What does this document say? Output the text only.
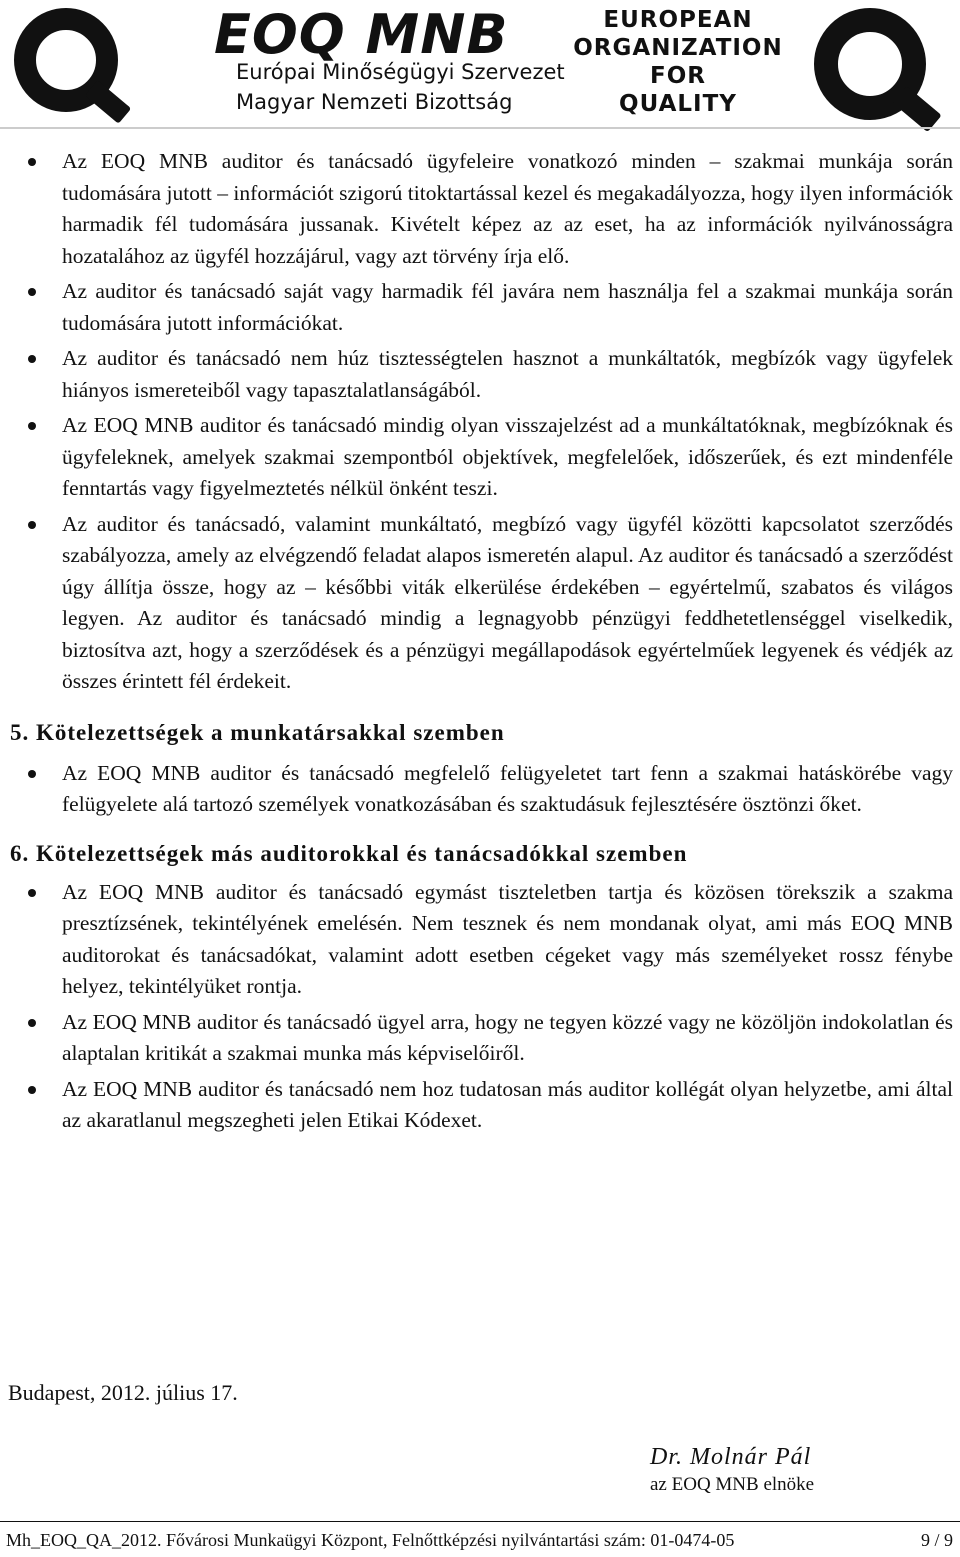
EOQ MNB
Európai Minőségügyi Szervezet
Magyar Nemzeti Bizottság
EUROPEAN
ORGANIZATION
FOR
QUALITY
Az EOQ MNB auditor és tanácsadó ügyfeleire vonatkozó minden – szakmai munkája során tudomására jutott – információt szigorú titoktartással kezel és megakadályozza, hogy ilyen információk harmadik fél tudomására jussanak. Kivételt képez az az eset, ha az információk nyilvánosságra hozatalához az ügyfél hozzájárul, vagy azt törvény írja elő.
Az auditor és tanácsadó saját vagy harmadik fél javára nem használja fel a szakmai munkája során tudomására jutott információkat.
Az auditor és tanácsadó nem húz tisztességtelen hasznot a munkáltatók, megbízók vagy ügyfelek hiányos ismereteiből vagy tapasztalatlanságából.
Az EOQ MNB auditor és tanácsadó mindig olyan visszajelzést ad a munkáltatóknak, megbízóknak és ügyfeleknek, amelyek szakmai szempontból objektívek, megfelelőek, időszerűek, és ezt mindenféle fenntartás vagy figyelmeztetés nélkül önként teszi.
Az auditor és tanácsadó, valamint munkáltató, megbízó vagy ügyfél közötti kapcsolatot szerződés szabályozza, amely az elvégzendő feladat alapos ismeretén alapul. Az auditor és tanácsadó a szerződést úgy állítja össze, hogy az – későbbi viták elkerülése érdekében – egyértelmű, szabatos és világos legyen. Az auditor és tanácsadó mindig a legnagyobb pénzügyi feddhetetlenséggel viselkedik, biztosítva azt, hogy a szerződések és a pénzügyi megállapodások egyértelműek legyenek és védjék az összes érintett fél érdekeit.
5. Kötelezettségek a munkatársakkal szemben
Az EOQ MNB auditor és tanácsadó megfelelő felügyeletet tart fenn a szakmai hatáskörébe vagy felügyelete alá tartozó személyek vonatkozásában és szaktudásuk fejlesztésére ösztönzi őket.
6. Kötelezettségek más auditorokkal és tanácsadókkal szemben
Az EOQ MNB auditor és tanácsadó egymást tiszteletben tartja és közösen törekszik a szakma presztízsének, tekintélyének emelésén. Nem tesznek és nem mondanak olyat, ami más EOQ MNB auditorokat és tanácsadókat, valamint adott esetben cégeket vagy más személyeket rossz fénybe helyez, tekintélyüket rontja.
Az EOQ MNB auditor és tanácsadó ügyel arra, hogy ne tegyen közzé vagy ne közöljön indokolatlan és alaptalan kritikát a szakmai munka más képviselőiről.
Az EOQ MNB auditor és tanácsadó nem hoz tudatosan más auditor kollégát olyan helyzetbe, ami által az akaratlanul megszegheti jelen Etikai Kódexet.
Budapest, 2012. július 17.
Dr. Molnár Pál
az EOQ MNB elnöke
Mh_EOQ_QA_2012. Fővárosi Munkaügyi Központ, Felnőttképzési nyilvántartási szám: 01-0474-05	9 / 9
